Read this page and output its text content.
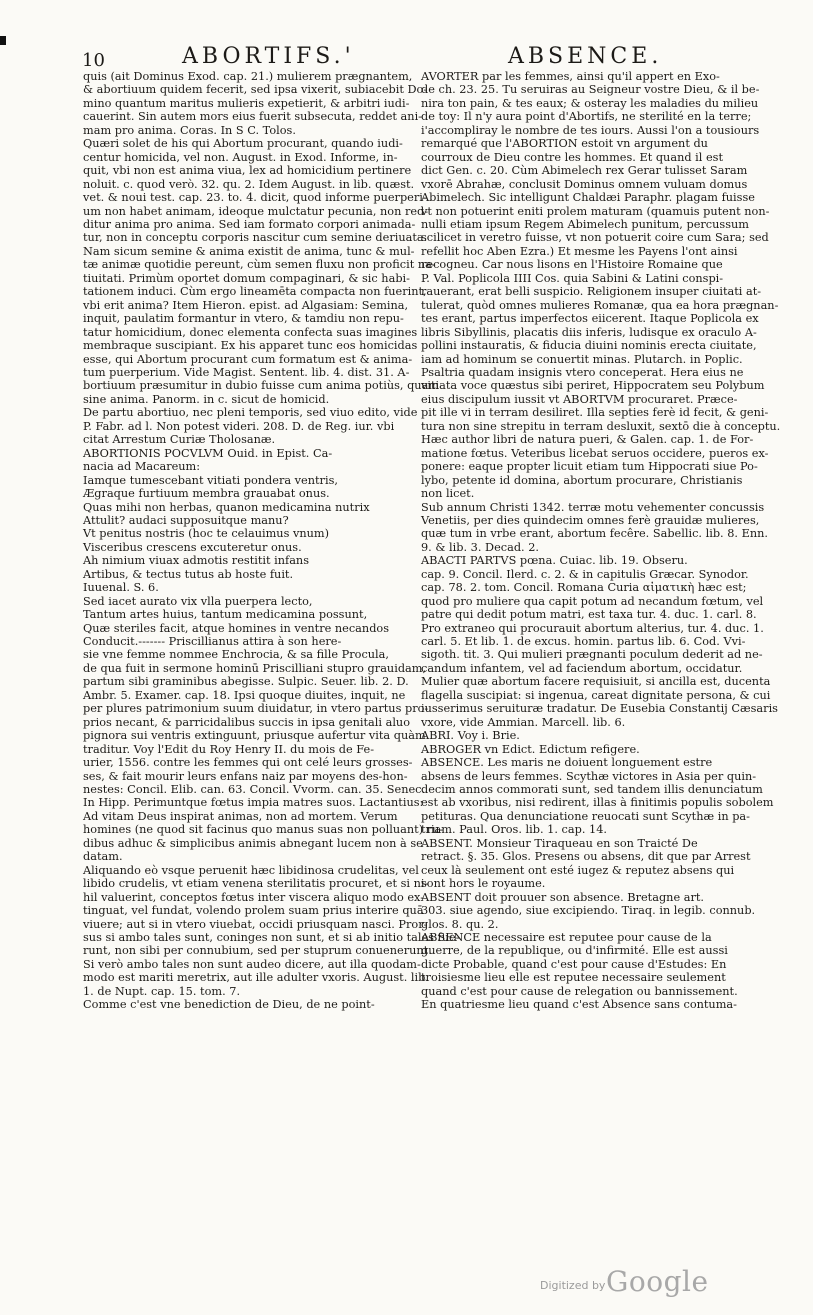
10	ABORTIFS.'	ABSENCE.
quis (ait Dominus Exod. cap. 21.) mulierem prægnantem,
& abortiuum quidem fecerit, sed ipsa vixerit, subiacebit Do-
mino quantum maritus mulieris expetierit, & arbitri iudi-
cauerint. Sin autem mors eius fuerit subsecuta, reddet ani-
mam pro anima. Coras. In S C. Tolos.
Quæri solet de his qui Abortum procurant, quando iudi-
centur homicida, vel non. August. in Exod. Informe, in-
quit, vbi non est anima viua, lex ad homicidium pertinere
noluit. c. quod verò. 32. qu. 2. Idem August. in lib. quæst.
vet. & noui test. cap. 23. to. 4. dicit, quod informe puerperi-
um non habet animam, ideoque mulctatur pecunia, non red-
ditur anima pro anima. Sed iam formato corpori animada-
tur, non in conceptu corporis nascitur cum semine deriuata.
Nam sicum semine & anima existit de anima, tunc & mul-
tæ animæ quotidie pereunt, cùm semen fluxu non proficit na-
tiuitati. Primùm oportet domum compaginari, & sic habi-
tationem induci. Cùm ergo lineamēta compacta non fuerint,
vbi erit anima? Item Hieron. epist. ad Algasiam: Semina,
inquit, paulatim formantur in vtero, & tamdiu non repu-
tatur homicidium, donec elementa confecta suas imagines
membraque suscipiant. Ex his apparet tunc eos homicidas
esse, qui Abortum procurant cum formatum est & anima-
tum puerperium. Vide Magist. Sentent. lib. 4. dist. 31. A-
bortiuum præsumitur in dubio fuisse cum anima potiùs, quam
sine anima. Panorm. in c. sicut de homicid.
De partu abortiuo, nec pleni temporis, sed viuo edito, vide
P. Fabr. ad l. Non potest videri. 208. D. de Reg. iur. vbi
citat Arrestum Curiæ Tholosanæ.
ABORTIONIS POCVLVM Ouid. in Epist. Ca-
nacia ad Macareum:
Iamque tumescebant vitiati pondera ventris,
Ægraque furtiuum membra grauabat onus.
Quas mihi non herbas, quanon medicamina nutrix
Attulit? audaci supposuitque manu?
Vt penitus nostris (hoc te celauimus vnum)
Visceribus crescens excuteretur onus.
Ah nimium viuax admotis restitit infans
Artibus, & tectus tutus ab hoste fuit.
Iuuenal. S. 6.
Sed iacet aurato vix vlla puerpera lecto,
Tantum artes huius, tantum medicamina possunt,
Quæ steriles facit, atque homines in ventre necandos
Conducit.------- Priscillianus attira à son here-
sie vne femme nommee Enchrocia, & sa fille Procula,
de qua fuit in sermone hominū Priscilliani stupro grauidam,
partum sibi graminibus abegisse. Sulpic. Seuer. lib. 2. D.
Ambr. 5. Examer. cap. 18. Ipsi quoque diuites, inquit, ne
per plures patrimonium suum diuidatur, in vtero partus pro-
prios necant, & parricidalibus succis in ipsa genitali aluo
pignora sui ventris extinguunt, priusque aufertur vita quàm
traditur. Voy l'Edit du Roy Henry II. du mois de Fe-
urier, 1556. contre les femmes qui ont celé leurs grosses-
ses, & fait mourir leurs enfans naiz par moyens des-hon-
nestes: Concil. Elib. can. 63. Concil. Vvorm. can. 35. Senec.
In Hipp. Perimuntque fœtus impia matres suos. Lactantius:
Ad vitam Deus inspirat animas, non ad mortem. Verum
homines (ne quod sit facinus quo manus suas non polluant) ru-
dibus adhuc & simplicibus animis abnegant lucem non à se
datam.
Aliquando eò vsque peruenit hæc libidinosa crudelitas, vel
libido crudelis, vt etiam venena sterilitatis procuret, et si ni-
hil valuerint, conceptos fœtus inter viscera aliquo modo ex-
tinguat, vel fundat, volendo prolem suam prius interire quā
viuere; aut si in vtero viuebat, occidi priusquam nasci. Pror-
sus si ambo tales sunt, coninges non sunt, et si ab initio tales fue-
runt, non sibi per connubium, sed per stuprum conuenerunt.
Si verò ambo tales non sunt audeo dicere, aut illa quodam-
modo est mariti meretrix, aut ille adulter vxoris. August. lib.
1. de Nupt. cap. 15. tom. 7.
Comme c'est vne benediction de Dieu, de ne point-
AVORTER par les femmes, ainsi qu'il appert en Exo-
de ch. 23. 25. Tu seruiras au Seigneur vostre Dieu, & il be-
nira ton pain, & tes eaux; & osteray les maladies du milieu
de toy: Il n'y aura point d'Abortifs, ne sterilité en la terre;
i'accompliray le nombre de tes iours. Aussi l'on a tousiours
remarqué que l'ABORTION estoit vn argument du
courroux de Dieu contre les hommes. Et quand il est
dict Gen. c. 20. Cùm Abimelech rex Gerar tulisset Saram
vxorē Abrahæ, conclusit Dominus omnem vuluam domus
Abimelech. Sic intelligunt Chaldæi Paraphr. plagam fuisse
vt non potuerint eniti prolem maturam (quamuis putent non-
nulli etiam ipsum Regem Abimelech punitum, percussum
scilicet in veretro fuisse, vt non potuerit coire cum Sara; sed
refellit hoc Aben Ezra.) Et mesme les Payens l'ont ainsi
recogneu. Car nous lisons en l'Histoire Romaine que
P. Val. Poplicola IIII Cos. quia Sabini & Latini conspi-
rauerant, erat belli suspicio. Religionem insuper ciuitati at-
tulerat, quòd omnes mulieres Romanæ, qua ea hora prægnan-
tes erant, partus imperfectos eiicerent. Itaque Poplicola ex
libris Sibyllinis, placatis diis inferis, ludisque ex oraculo A-
pollini instauratis, & fiducia diuini nominis erecta ciuitate,
iam ad hominum se conuertit minas. Plutarch. in Poplic.
Psaltria quadam insignis vtero conceperat. Hera eius ne
vitiata voce quæstus sibi periret, Hippocratem seu Polybum
eius discipulum iussit vt ABORTVM procuraret. Præce-
pit ille vi in terram desiliret. Illa septies ferè id fecit, & geni-
tura non sine strepitu in terram desluxit, sextō die à conceptu.
Hæc author libri de natura pueri, & Galen. cap. 1. de For-
matione fœtus. Veteribus licebat seruos occidere, pueros ex-
ponere: eaque propter licuit etiam tum Hippocrati siue Po-
lybo, petente id domina, abortum procurare, Christianis
non licet.
Sub annum Christi 1342. terræ motu vehementer concussis
Venetiis, per dies quindecim omnes ferè grauidæ mulieres,
quæ tum in vrbe erant, abortum fecêre. Sabellic. lib. 8. Enn.
9. & lib. 3. Decad. 2.
ABACTI PARTVS pœna. Cuiac. lib. 19. Obseru.
cap. 9. Concil. Ilerd. c. 2. & in capitulis Græcar. Synodor.
cap. 78. 2. tom. Concil. Romana Curia αἱματικὴ hæc est;
quod pro muliere qua capit potum ad necandum fœtum, vel
patre qui dedit potum matri, est taxa tur. 4. duc. 1. carl. 8.
Pro extraneo qui procurauit abortum alterius, tur. 4. duc. 1.
carl. 5. Et lib. 1. de excus. homin. partus lib. 6. Cod. Vvi-
sigoth. tit. 3. Qui mulieri prægnanti poculum dederit ad ne-
candum infantem, vel ad faciendum abortum, occidatur.
Mulier quæ abortum facere requisiuit, si ancilla est, ducenta
flagella suscipiat: si ingenua, careat dignitate persona, & cui
iusserimus seruituræ tradatur. De Eusebia Constantij Cæsaris
vxore, vide Ammian. Marcell. lib. 6.
ABRI. Voy i. Brie.
ABROGER vn Edict. Edictum refigere.
ABSENCE. Les maris ne doiuent longuement estre
absens de leurs femmes. Scythæ victores in Asia per quin-
decim annos commorati sunt, sed tandem illis denunciatum
est ab vxoribus, nisi redirent, illas à finitimis populis sobolem
petituras. Qua denunciatione reuocati sunt Scythæ in pa-
triam. Paul. Oros. lib. 1. cap. 14.
ABSENT. Monsieur Tiraqueau en son Traicté De
retract. §. 35. Glos. Presens ou absens, dit que par Arrest
ceux là seulement ont esté iugez & reputez absens qui
sont hors le royaume.
ABSENT doit prouuer son absence. Bretagne art.
303. siue agendo, siue excipiendo. Tiraq. in legib. connub.
glos. 8. qu. 2.
ABSENCE necessaire est reputee pour cause de la
guerre, de la republique, ou d'infirmité. Elle est aussi
dicte Probable, quand c'est pour cause d'Estudes: En
troisiesme lieu elle est reputee necessaire seulement
quand c'est pour cause de relegation ou bannissement.
En quatriesme lieu quand c'est Absence sans contuma-
Digitized by Google
